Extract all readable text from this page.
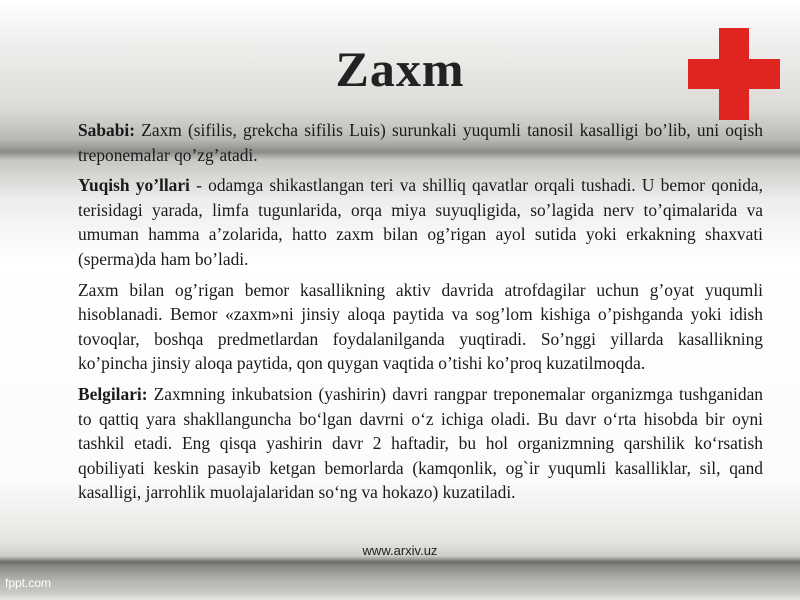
Zaxm

Sababi: Zaxm (sifilis, grekcha sifilis Luis) surunkali yuqumli tanosil kasalligi bo’lib, uni oqish treponemalar qo’zg’atadi.

Yuqish yo’llari - odamga shikastlangan teri va shilliq qavatlar orqali tushadi. U bemor qonida, terisidagi yarada, limfa tugunlarida, orqa miya suyuqligida, so’lagida nerv to’qimalarida va umuman hamma a’zolarida, hatto zaxm bilan og’rigan ayol sutida yoki erkakning shaxvati (sperma)da ham bo’ladi.

Zaxm bilan og’rigan bemor kasallikning aktiv davrida atrofdagilar uchun g’oyat yuqumli hisoblanadi. Bemor «zaxm»ni jinsiy aloqa paytida va sog’lom kishiga o’pishganda yoki idish tovoqlar, boshqa predmetlardan foydalanilganda yuqtiradi. So’nggi yillarda kasallikning ko’pincha jinsiy aloqa paytida, qon quygan vaqtida o’tishi ko’proq kuzatilmoqda.

Belgilari: Zaxmning inkubatsion (yashirin) davri rangpar treponemalar organizmga tushganidan to qattiq yara shakllanguncha bo‘lgan davrni o‘z ichiga oladi. Bu davr o‘rta hisobda bir oyni tashkil etadi. Eng qisqa yashirin davr 2 haftadir, bu hol organizmning qarshilik ko‘rsatish qobiliyati keskin pasayib ketgan bemorlarda (kamqonlik, og`ir yuqumli kasalliklar, sil, qand kasalligi, jarrohlik muolajalaridan so‘ng va hokazo) kuzatiladi.

www.arxiv.uz
fppt.com
